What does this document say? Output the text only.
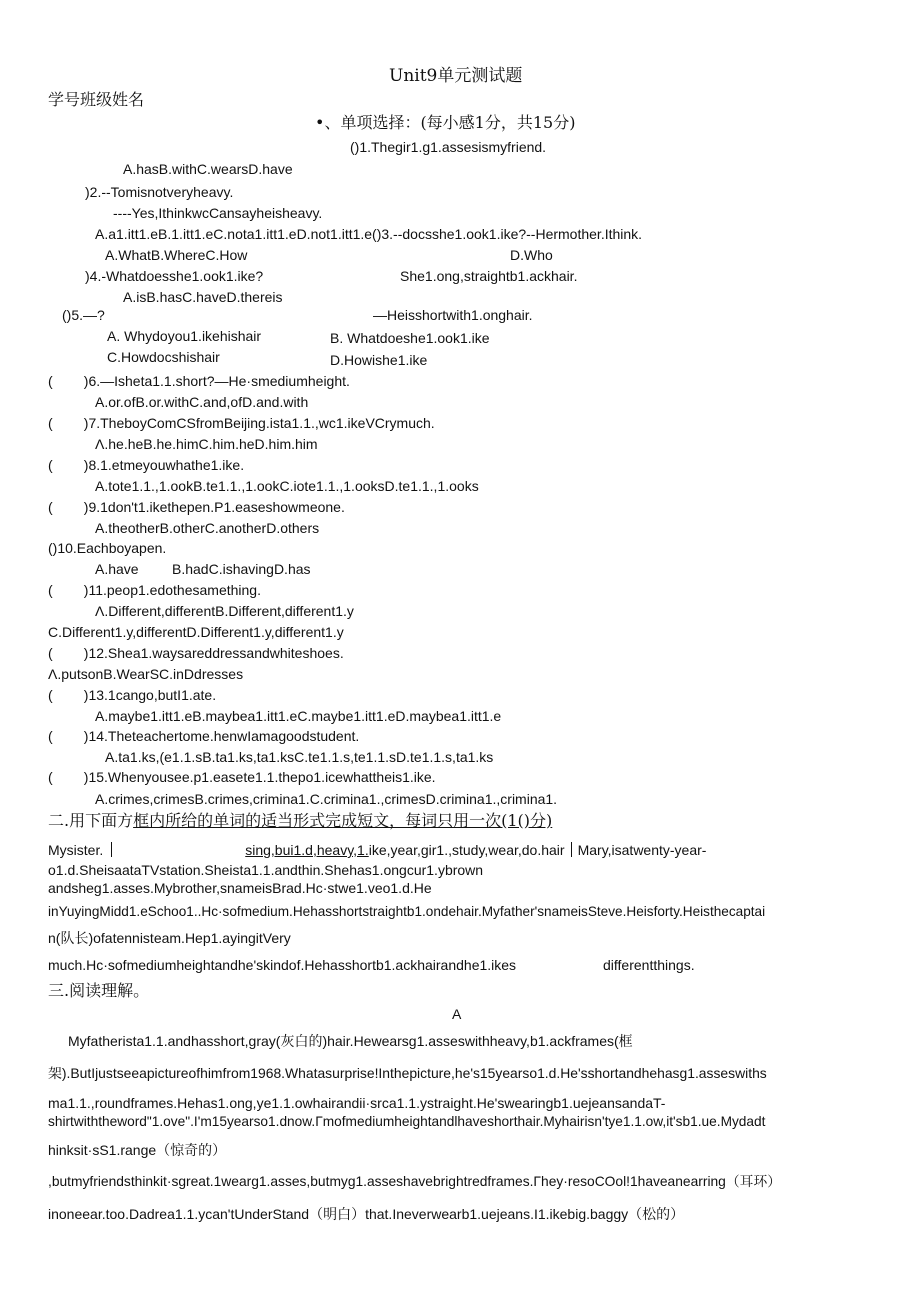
Unit9单元测试题
学号班级姓名
•、单项选择：(每小感1分，共15分)
()1.Thegir1.g1.assesismyfriend.
A.hasB.withC.wearsD.have
)2.--Tomisnotveryheavy.
----Yes,IthinkwcCansayheisheavy.
A.a1.itt1.eB.1.itt1.eC.nota1.itt1.eD.not1.itt1.e()3.--docsshe1.ook1.ike?--Hermother.Ithink.
A.WhatB.WhereC.How	D.Who
)4.-Whatdoesshe1.ook1.ike?	She1.ong,straightb1.ackhair.
A.isB.hasC.haveD.thereis
()5.—?	—Heisshortwith1.onghair.
A. Whydoyou1.ikehishair	B. Whatdoeshe1.ook1.ike
C.Howdocshishair	D.Howishe1.ike
(        )6.—Isheta1.1.short?—He·smediumheight.
A.or.ofB.or.withC.and,ofD.and.with
(        )7.TheboyComCSfromBeijing.ista1.1.,wc1.ikeVCrymuch.
Λ.he.heB.he.himC.him.heD.him.him
(        )8.1.etmeyouwhathe1.ike.
A.tote1.1.,1.ookB.te1.1.,1.ookC.iote1.1.,1.ooksD.te1.1.,1.ooks
(        )9.1don't1.ikethepen.P1.easeshowmeone.
A.theotherB.otherC.anotherD.others
()10.Eachboyapen.
A.have B.hadC.ishavingD.has
(        )11.peop1.edothesamething.
Λ.Different,differentB.Different,different1.y
C.Different1.y,differentD.Different1.y,different1.y
(        )12.Shea1.waysareddressandwhiteshoes.
Λ.putsonB.WearSC.inDdresses
(        )13.1cango,butI1.ate.
A.maybe1.itt1.eB.maybea1.itt1.eC.maybe1.itt1.eD.maybea1.itt1.e
(        )14.Theteachertome.henwIamagoodstudent.
A.ta1.ks,(e1.1.sB.ta1.ks,ta1.ksC.te1.1.s,te1.1.sD.te1.1.s,ta1.ks
(        )15.Whenyousee.p1.easete1.1.thepo1.icewhattheis1.ike.
A.crimes,crimesB.crimes,crimina1.C.crimina1.,crimesD.crimina1.,crimina1.
二.用下面方框内所给的单词的适当形式完成短文，每词只用一次(1()分)
Mysister.	sing,bui1.d,heavy,1.ike,year,gir1.,study,wear,do.hair Mary,isatwenty-year-
o1.d.SheisaataTVstation.Sheista1.1.andthin.Shehas1.ongcur1.ybrown
andsheg1.asses.Mybrother,snameisBrad.Hc·stwe1.veo1.d.He
inYuyingMidd1.eSchoo1..Hc·sofmedium.Hehasshortstraightb1.ondehair.Myfather'snameisSteve.Heisforty.Heisthecaptai
n(队长)ofatennisteam.Hep1.ayingitVery
much.Hc·sofmediumheightandhe'skindof.Hehasshortb1.ackhairandhe1.ikes	differentthings.
三.阅读理解。
A
Myfatherista1.1.andhasshort,gray(灰白的)hair.Hewearsg1.asseswithheavy,b1.ackframes(框
架).ButIjustseeapictureofhimfrom1968.Whatasurprise!Inthepicture,he's15yearso1.d.He'sshortandhehasg1.asseswiths
ma1.1.,roundframes.Hehas1.ong,ye1.1.owhairandii·srca1.1.ystraight.He'swearingb1.uejeansandaT-
shirtwiththeword"1.ove".I'm15yearso1.dnow.Γmofmediumheightandlhaveshorthair.Myhairisn'tye1.1.ow,it'sb1.ue.Mydadt
hinksit·sS1.range（惊奇的）
,butmyfriendsthinkit·sgreat.1wearg1.asses,butmyg1.asseshavebrightredframes.Γhey·resoCOol!1haveanearring（耳环）
inoneear.too.Dadrea1.1.ycan'tUnderStand（明白）that.Ineverwearb1.uejeans.I1.ikebig.baggy（松的）
